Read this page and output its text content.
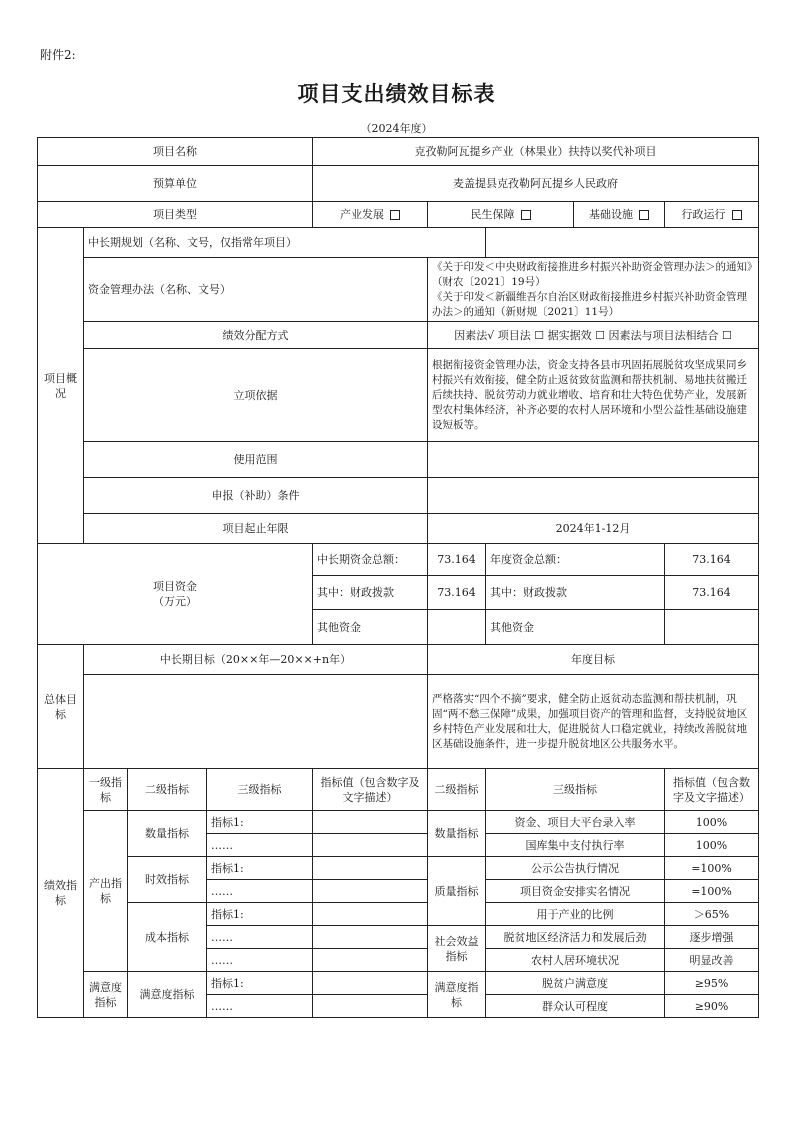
附件2:
项目支出绩效目标表
（2024年度）
项目名称				克孜勒阿瓦提乡产业（林果业）扶持以奖代补项目				
预算单位				麦盖提县克孜勒阿瓦提乡人民政府				
项目类型				产业发展	民生保障		基础设施	行政运行
项目概况	中长期规划（名称、文号，仅指常年项目）							
	资金管理办法（名称、文号）				《关于印发＜中央财政衔接推进乡村振兴补助资金管理办法＞的通知》（财农〔2021〕19号）
《关于印发＜新疆维吾尔自治区财政衔接推进乡村振兴补助资金管理办法＞的通知（新财规〔2021〕11号）			
	绩效分配方式				因素法√ 项目法 ☐ 据实据效 ☐ 因素法与项目法相结合 ☐			
	立项依据				根据衔接资金管理办法，资金支持各县市巩固拓展脱贫攻坚成果同乡村振兴有效衔接，健全防止返贫致贫监测和帮扶机制、易地扶贫搬迁后续扶持、脱贫劳动力就业增收、培育和壮大特色优势产业，发展新型农村集体经济，补齐必要的农村人居环境和小型公益性基础设施建设短板等。			
	使用范围							
	申报（补助）条件							
	项目起止年限				2024年1-12月			

项目资金
（万元）				中长期资金总额：	73.164	年度资金总额：		73.164
				其中：财政拨款	73.164	其中：财政拨款		73.164
				其他资金		其他资金		
总体目标	中长期目标（20××年—20××+n年）				年度目标			
					严格落实“四个不摘”要求，健全防止返贫动态监测和帮扶机制，巩固“两不愁三保障”成果，加强项目资产的管理和监督，支持脱贫地区乡村特色产业发展和壮大，促进脱贫人口稳定就业，持续改善脱贫地区基础设施条件，进一步提升脱贫地区公共服务水平。			
绩效指标	一级指标	二级指标	三级指标	指标值（包含数字及文字描述）	二级指标	三级指标		指标值（包含数字及文字描述）
	产出指标	数量指标	指标1:		数量指标	资金、项目大平台录入率		100%
			……			国库集中支付执行率		100%
		时效指标	指标1:		质量指标	公示公告执行情况		=100%
			……			项目资金安排实名情况		=100%
		成本指标	指标1:			用于产业的比例		＞65%
			……		社会效益指标	脱贫地区经济活力和发展后劲		逐步增强
			……			农村人居环境状况		明显改善
	满意度指标	满意度指标	指标1:		满意度指标	脱贫户满意度		≥95%
			……			群众认可程度		≥90%
